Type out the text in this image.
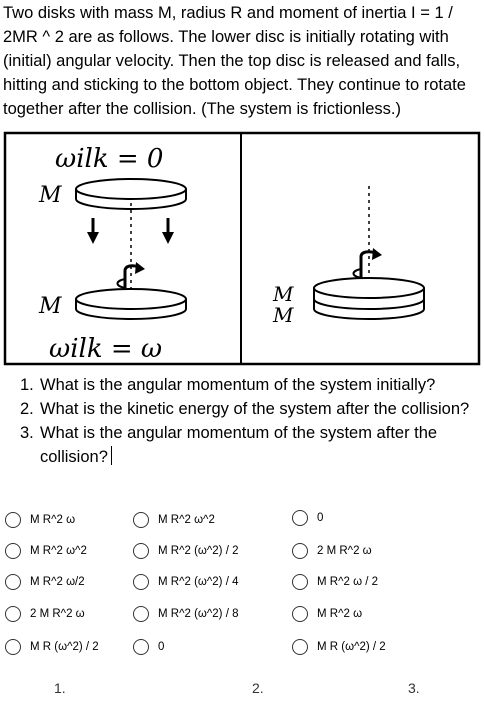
Two disks with mass M, radius R and moment of inertia I = 1 / 2MR ^ 2 are as follows. The lower disc is initially rotating with (initial) angular velocity. Then the top disc is released and falls, hitting and sticking to the bottom object. They continue to rotate together after the collision. (The system is frictionless.)

𝜔ilk = 0
M
M
𝜔ilk = 𝜔
M
M
1. What is the angular momentum of the system initially?
2. What is the kinetic energy of the system after the collision?
3. What is the angular momentum of the system after the collision?
M R^2 ω
M R^2 ω^2
M R^2 ω/2
2 M R^2 ω
M R (ω^2) / 2
M R^2 ω^2
M R^2 (ω^2) / 2
M R^2 (ω^2) / 4
M R^2 (ω^2) / 8
0
0
2 M R^2 ω
M R^2 ω / 2
M R^2 ω
M R (ω^2) / 2
1.	2.	3.
